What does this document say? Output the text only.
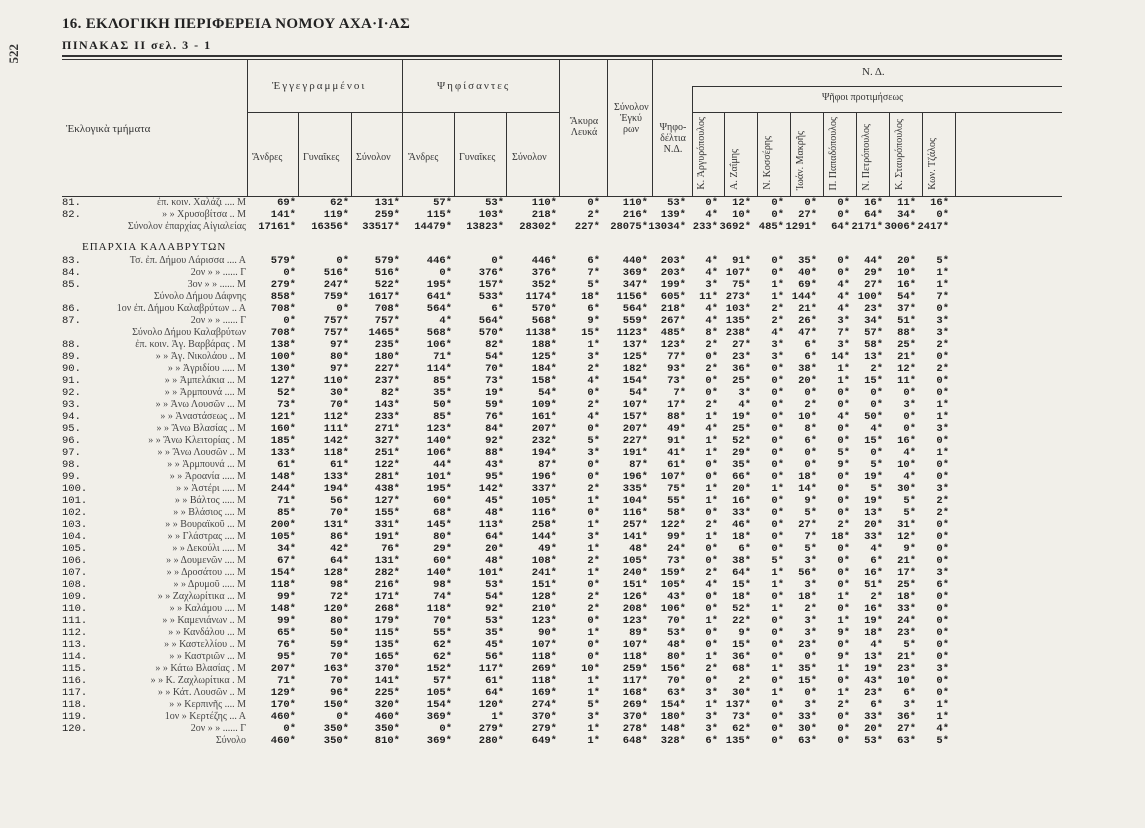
522
16. ΕΚΛΟΓΙΚΗ ΠΕΡΙΦΕΡΕΙΑ ΝΟΜΟΥ ΑΧΑ·Ι·ΑΣ
ΠΙΝΑΚΑΣ ΙΙ σελ. 3 - 1
Ἐκλογικὰ τμήματα
Ἐγγεγραμμένοι	Ψηφίσαντες
Ν. Δ.
Ψῆφοι προτιμήσεως
Ἄνδρες Γυναῖκες Σύνολον Ἄνδρες Γυναῖκες Σύνολον
Ἄκυρα Λευκά
Σύνολον Ἐγκύ ρων	Ψηφο- δέλτια Ν.Δ.	Κ. Ἀργυρόπουλος	Α. Ζαΐμης	Ν. Κοσσέρης	Ἰωάν. Μακρῆς	Π. Παπαδόπουλος	Ν. Πετρόπουλος	Κ. Σταυρόπουλος	Κων. Τζάλος
81.	ἐπ. κοιν. Χαλάζι .... Μ	69*	62* 131*	57*	53*	110*	0* 110* 53* 0* 12* 0* 0* 0* 16* 11* 16*
82.	» » Χρυσοβίτσα .. Μ 141*	119* 259*	115*	103*	218*	2* 216* 139* 4* 10* 0* 27* 0* 64* 34* 0*
Σύνολον ἐπαρχίας Αἰγιαλείας 17161* 16356* 33517* 14479* 13823* 28302* 227* 28075* 13034* 233* 3692* 485* 1291* 64* 2171* 3006* 2417*
ΕΠΑΡΧΙΑ ΚΑΛΑΒΡΥΤΩΝ
83.	Τσ. ἐπ. Δήμου Λάρισσα .... Α 579*	0* 579*	446*	0*	446*	6* 440* 203* 4* 91* 0* 35* 0* 44* 20* 5*
84.	2ον » » ...... Γ	0*	516* 516*	0*	376*	376*	7* 369* 203* 4* 107* 0* 40* 0* 29* 10* 1*
85.	3ον » » ...... Μ 279*	247* 522*	195*	157*	352*	5* 347* 199* 3* 75* 1* 69* 4* 27* 16* 1*
Σύνολο Δήμου Δάφνης 858*	759* 1617*	641*	533* 1174* 18* 1156* 605* 11* 273* 1* 144* 4* 100* 54* 7*
86.	1ον ἐπ. Δήμου Καλαβρύτων .. Α 708*	0* 708*	564*	6*	570*	6* 564* 218* 4* 103* 2* 21* 4* 23* 37* 0*
87.	2ον » » ...... Γ	0*	757* 757*	4*	564*	568*	9* 559* 267* 4* 135* 2* 26* 3* 34* 51* 3*
Σύνολο Δήμου Καλαβρύτων 708*	757* 1465*	568*	570* 1138* 15* 1123* 485* 8* 238* 4* 47* 7* 57* 88* 3*
88.	ἐπ. κοιν. Ἀγ. Βαρβάρας . Μ 138*	97* 235*	106*	82*	188*	1* 137* 123* 2* 27* 3* 6* 3* 58* 25* 2*
89.	» » Ἀγ. Νικολάου .. Μ 100*	80* 180*	71*	54*	125*	3* 125* 77* 0* 23* 3* 6* 14* 13* 21* 0*
90.	» » Ἀγριδίου ..... Μ 130*	97* 227*	114*	70*	184*	2* 182* 93* 2* 36* 0* 38* 1* 2* 12* 2*
91.	» » Ἀμπελάκια ... Μ 127*	110* 237*	85*	73*	158*	4* 154* 73* 0* 25* 0* 20* 1* 15* 11* 0*
92.	» » Ἁρμπουνά .... Μ	52*	30*	82*	35*	19*	54*	0*	54* 7* 0* 3* 0* 0* 0* 0* 0* 0*
93.	» » Ἀνω Λουσῶν ... Μ	73*	70* 143*	50*	59*	109*	2* 107* 17* 2* 4* 0* 2* 0* 0* 3* 1*
94.	» » Ἀναστάσεως .. Μ 121*	112* 233*	85*	76*	161*	4* 157* 88* 1* 19* 0* 10* 4* 50* 0* 1*
95.	» » Ἄνω Βλασίας .. Μ 160*	111* 271*	123*	84*	207*	0* 207* 49* 4* 25* 0* 8* 0* 4* 0* 3*
96.	» » Ἄνω Κλειτορίας . Μ 185*	142* 327*	140*	92*	232*	5* 227* 91* 1* 52* 0* 6* 0* 15* 16* 0*
97.	» » Ἄνω Λουσῶν .. Μ 133*	118* 251*	106*	88*	194*	3* 191* 41* 1* 29* 0* 0* 5* 0* 4* 1*
98.	» » Ἀρμπουνά ... Μ	61*	61* 122*	44*	43*	87*	0*	87* 61* 0* 35* 0* 0* 9* 5* 10* 0*
99.	» » Ἀροανία ..... Μ 148*	133* 281*	101*	95*	196*	0* 196* 107* 0* 66* 0* 18* 0* 19* 4* 0*
100.	» » Ἀστέρι ..... Μ 244*	194* 438*	195*	142*	337*	2* 335* 75* 1* 20* 1* 14* 0* 5* 30* 3*
101.	» » Βάλτος ..... Μ	71*	56* 127*	60*	45*	105*	1* 104* 55* 1* 16* 0* 9* 0* 19* 5* 2*
102.	» » Βλάσιος .... Μ	85*	70* 155*	68*	48*	116*	0* 116* 58* 0* 33* 0* 5* 0* 13* 5* 2*
103.	» » Βουραϊκοῦ ... Μ 200*	131* 331*	145*	113*	258*	1* 257* 122* 2* 46* 0* 27* 2* 20* 31* 0*
104.	» » Γλάστρας .... Μ 105*	86* 191*	80*	64*	144*	3* 141* 99* 1* 18* 0* 7* 18* 33* 12* 0*
105.	» » Δεκούλι ..... Μ	34*	42*	76*	29*	20*	49*	1*	48* 24* 0* 6* 0* 5* 0* 4* 9* 0*
106.	» » Δουμενῶν .... Μ	67*	64* 131*	60*	48*	108*	2* 105* 73* 0* 38* 5* 3* 0* 6* 21* 0*
107.	» » Δροσάτου .... Μ 154*	128* 282*	140*	101*	241*	1* 240* 159* 2* 64* 1* 56* 0* 16* 17* 3*
108.	» » Δρυμοῦ ..... Μ 118*	98* 216*	98*	53*	151*	0* 151* 105* 4* 15* 1* 3* 0* 51* 25* 6*
109.	» » Ζαχλωρίτικα ... Μ	99*	72* 171*	74*	54*	128*	2* 126* 43* 0* 18* 0* 18* 1* 2* 18* 0*
110.	» » Καλάμου .... Μ 148*	120* 268*	118*	92*	210*	2* 208* 106* 0* 52* 1* 2* 0* 16* 33* 0*
111.	» » Καμενιάνων .. Μ	99*	80* 179*	70*	53*	123*	0* 123* 70* 1* 22* 0* 3* 1* 19* 24* 0*
112.	» » Κανδάλου ... Μ	65*	50* 115*	55*	35*	90*	1*	89* 53* 0* 9* 0* 3* 9* 18* 23* 0*
113.	» » Καστελλίου .. Μ	76*	59* 135*	62*	45*	107*	0* 107* 48* 0* 15* 0* 23* 0* 4* 5* 0*
114.	» » Καστριῶν ... Μ	95*	70* 165*	62*	56*	118*	0* 118* 80* 1* 36* 0* 0* 9* 13* 21* 0*
115.	» » Κάτω Βλασίας . Μ 207*	163* 370*	152*	117*	269* 10* 259* 156* 2* 68* 1* 35* 1* 19* 23* 3*
116.	» » Κ. Ζαχλωρίτικα . Μ	71*	70* 141*	57*	61*	118*	1* 117* 70* 0* 2* 0* 15* 0* 43* 10* 0*
117.	» » Κάτ. Λουσῶν .. Μ 129*	96* 225*	105*	64*	169*	1* 168* 63* 3* 30* 1* 0* 1* 23* 6* 0*
118.	» » Κερπινῆς .... Μ 170*	150* 320*	154*	120*	274*	5* 269* 154* 1* 137* 0* 3* 2* 6* 3* 1*
119.	1ον » Κερτέζης ... Α 460*	0* 460*	369*	1*	370*	3* 370* 180* 3* 73* 0* 33* 0* 33* 36* 1*
120.	2ον » » ...... Γ	0*	350* 350*	0*	279*	279*	1* 278* 148* 3* 62* 0* 30* 0* 20* 27* 4*
Σύνολο 460*	350* 810*	369*	280*	649*	1* 648* 328* 6* 135* 0* 63* 0* 53* 63* 5*
